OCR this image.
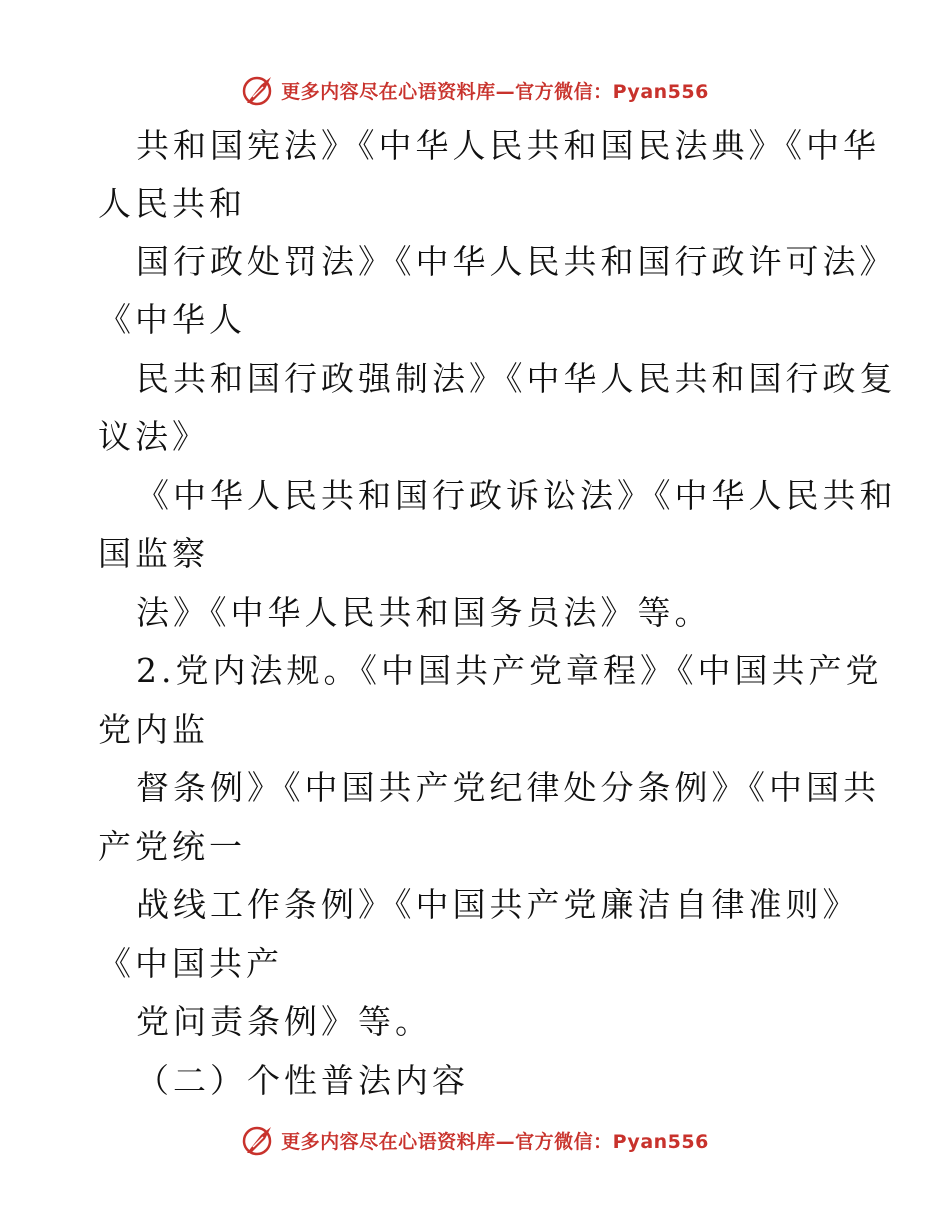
更多内容尽在心语资料库—官方微信：Pyan556
共和国宪法》《中华人民共和国民法典》《中华
人民共和
国行政处罚法》《中华人民共和国行政许可法》
《中华人
民共和国行政强制法》《中华人民共和国行政复
议法》
《中华人民共和国行政诉讼法》《中华人民共和
国监察
法》《中华人民共和国务员法》等。
2.党内法规。《中国共产党章程》《中国共产党
党内监
督条例》《中国共产党纪律处分条例》《中国共
产党统一
战线工作条例》《中国共产党廉洁自律准则》
《中国共产
党问责条例》等。
（二）个性普法内容
更多内容尽在心语资料库—官方微信：Pyan556
